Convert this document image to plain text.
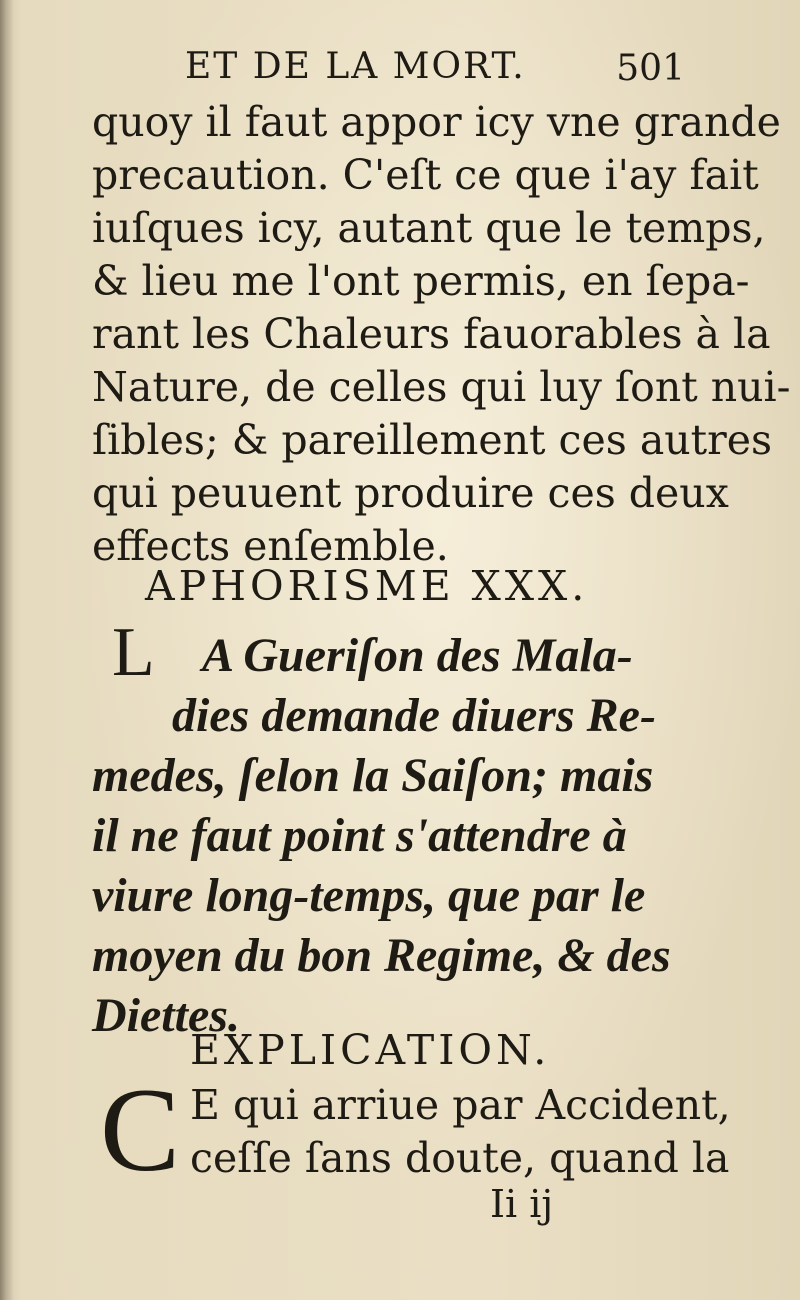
ET DE LA MORT.	501
quoy il faut appor icy vne grande
precaution. C'eſt ce que i'ay fait
iuſques icy, autant que le temps,
& lieu me l'ont permis, en ſepa-
rant les Chaleurs fauorables à la
Nature, de celles qui luy ſont nui-
ſibles; & pareillement ces autres
qui peuuent produire ces deux
effects enſemble.
APHORISME XXX.
L A Gueriſon des Mala-
dies demande diuers Re-
medes, ſelon la Saiſon; mais
il ne faut point s'attendre à
viure long-temps, que par le
moyen du bon Regime, & des
Diettes.
EXPLICATION.
C E qui arriue par Accident,
ceſſe ſans doute, quand la
Ii ij
